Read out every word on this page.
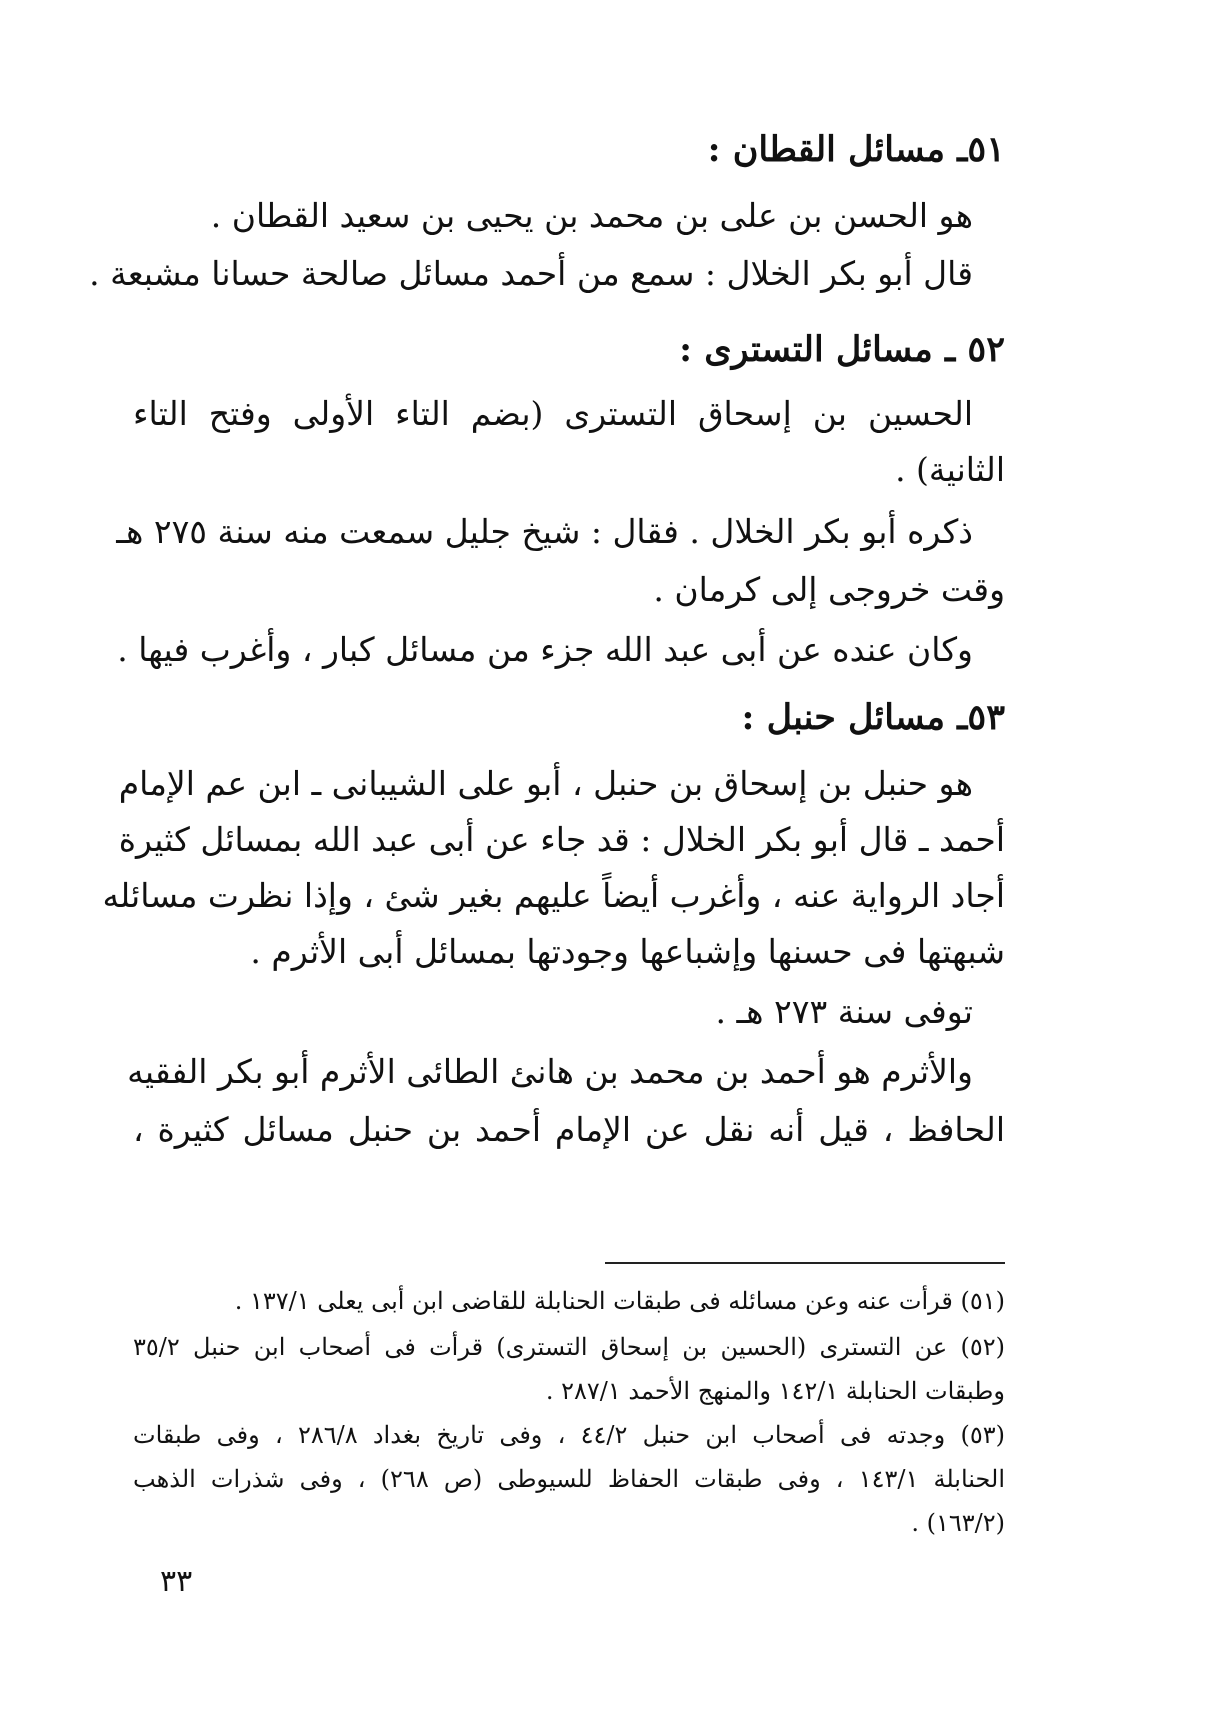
٥١ـ مسائل القطان :
هو الحسن بن على بن محمد بن يحيى بن سعيد القطان .
قال أبو بكر الخلال : سمع من أحمد مسائل صالحة حسانا مشبعة .
٥٢ ـ مسائل التسترى :
الحسين بن إسحاق التسترى (بضم التاء الأولى وفتح التاء
الثانية) .
ذكره أبو بكر الخلال . فقال : شيخ جليل سمعت منه سنة ٢٧٥ هـ
وقت خروجى إلى كرمان .
وكان عنده عن أبى عبد الله جزء من مسائل كبار ، وأغرب فيها .
٥٣ـ مسائل حنبل :
هو حنبل بن إسحاق بن حنبل ، أبو على الشيبانى ـ ابن عم الإمام
أحمد ـ قال أبو بكر الخلال : قد جاء عن أبى عبد الله بمسائل كثيرة
أجاد الرواية عنه ، وأغرب أيضاً عليهم بغير شئ ، وإذا نظرت مسائله
شبهتها فى حسنها وإشباعها وجودتها بمسائل أبى الأثرم .
توفى سنة ٢٧٣ هـ .
والأثرم هو أحمد بن محمد بن هانئ الطائى الأثرم أبو بكر الفقيه
الحافظ ، قيل أنه نقل عن الإمام أحمد بن حنبل مسائل كثيرة ،
(٥١) قرأت عنه وعن مسائله فى طبقات الحنابلة للقاضى ابن أبى يعلى ١٣٧/١ .
(٥٢) عن التسترى (الحسين بن إسحاق التسترى) قرأت فى أصحاب ابن حنبل ٣٥/٢
وطبقات الحنابلة ١٤٢/١ والمنهج الأحمد ٢٨٧/١ .
(٥٣) وجدته فى أصحاب ابن حنبل ٤٤/٢ ، وفى تاريخ بغداد ٢٨٦/٨ ، وفى طبقات
الحنابلة ١٤٣/١ ، وفى طبقات الحفاظ للسيوطى (ص ٢٦٨) ، وفى شذرات الذهب
(١٦٣/٢) .
٣٣
